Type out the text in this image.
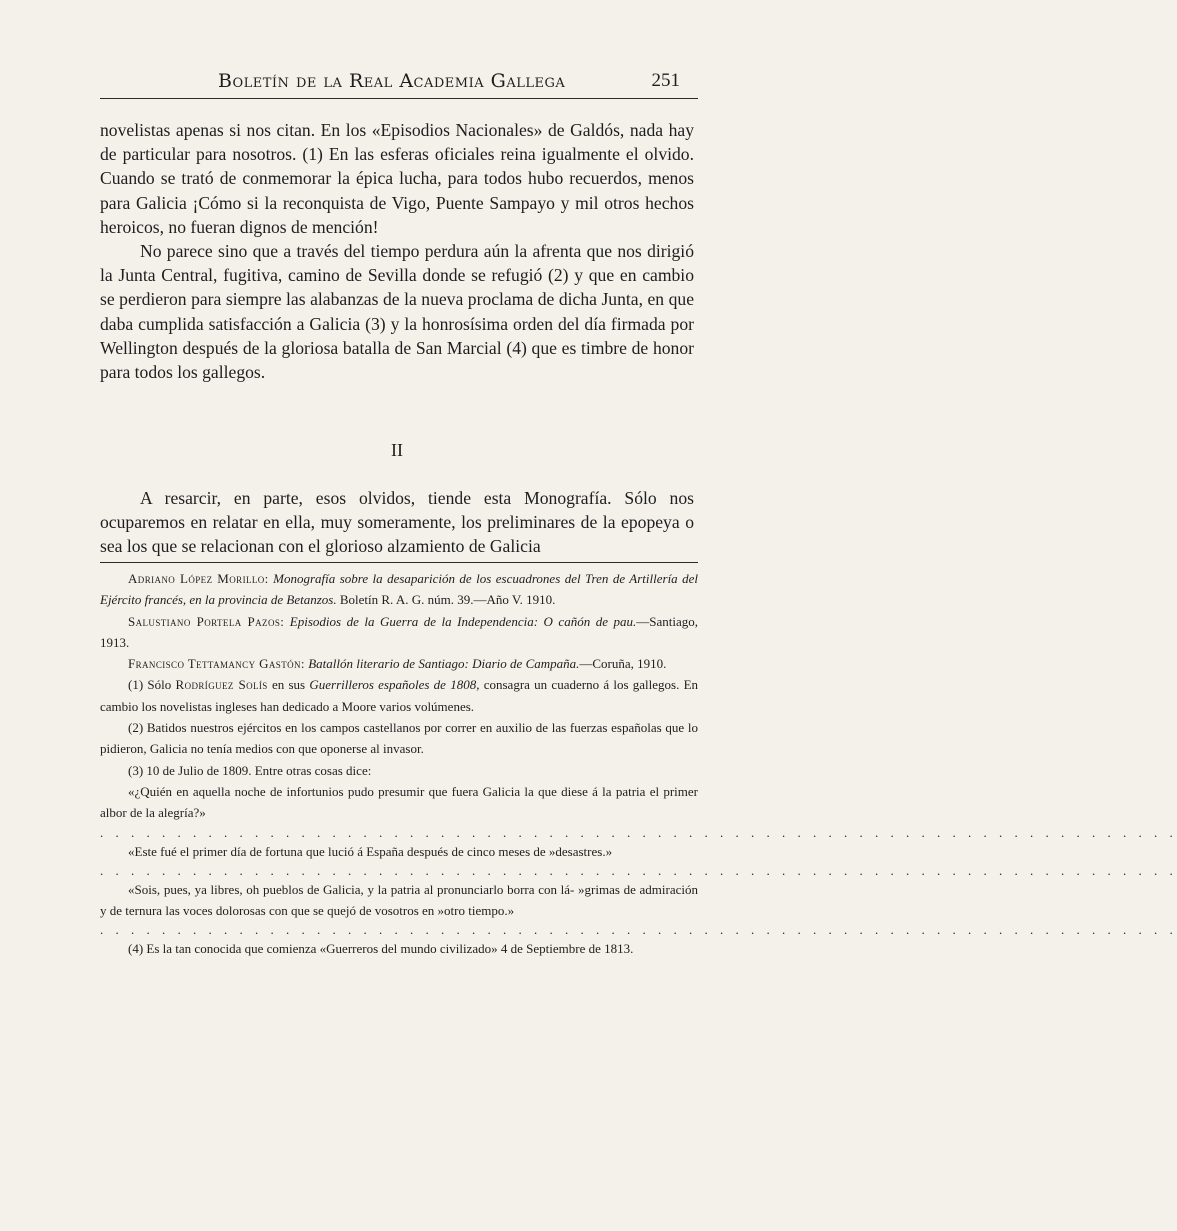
Boletín de la Real Academia Gallega	251

novelistas apenas si nos citan. En los «Episodios Nacionales» de Galdós, nada hay de particular para nosotros. (1) En las esferas oficiales reina igualmente el olvido. Cuando se trató de conmemorar la épica lucha, para todos hubo recuerdos, menos para Galicia ¡Cómo si la reconquista de Vigo, Puente Sampayo y mil otros hechos heroicos, no fueran dignos de mención!

No parece sino que a través del tiempo perdura aún la afrenta que nos dirigió la Junta Central, fugitiva, camino de Sevilla donde se refugió (2) y que en cambio se perdieron para siempre las alabanzas de la nueva proclama de dicha Junta, en que daba cumplida satisfacción a Galicia (3) y la honrosísima orden del día firmada por Wellington después de la gloriosa batalla de San Marcial (4) que es timbre de honor para todos los gallegos.

II

A resarcir, en parte, esos olvidos, tiende esta Monografía. Sólo nos ocuparemos en relatar en ella, muy someramente, los preliminares de la epopeya o sea los que se relacionan con el glorioso alzamiento de Galicia

Adriano López Morillo: Monografía sobre la desaparición de los escuadrones del Tren de Artillería del Ejército francés, en la provincia de Betanzos. Boletín R. A. G. núm. 39.—Año V. 1910.

Salustiano Portela Pazos: Episodios de la Guerra de la Independencia: O cañón de pau.—Santiago, 1913.

Francisco Tettamancy Gastón: Batallón literario de Santiago: Diario de Campaña.—Coruña, 1910.

(1) Sólo Rodríguez Solís en sus Guerrilleros españoles de 1808, consagra un cuaderno á los gallegos. En cambio los novelistas ingleses han dedicado a Moore varios volúmenes.

(2) Batidos nuestros ejércitos en los campos castellanos por correr en auxilio de las fuerzas españolas que lo pidieron, Galicia no tenía medios con que oponerse al invasor.

(3) 10 de Julio de 1809. Entre otras cosas dice:

«¿Quién en aquella noche de infortunios pudo presumir que fuera Galicia la que diese á la patria el primer albor de la alegría?»

. . . . . . . . . . . . . . . . . . . . . . . . . . . . . . . . . . . . . . . . . . . . . . . . . . . . . . . . . . . . . . . . . . . . . .

«Este fué el primer día de fortuna que lució á España después de cinco meses de »desastres.»

. . . . . . . . . . . . . . . . . . . . . . . . . . . . . . . . . . . . . . . . . . . . . . . . . . . . . . . . . . . . . . . . . . . . . .

«Sois, pues, ya libres, oh pueblos de Galicia, y la patria al pronunciarlo borra con lá- »grimas de admiración y de ternura las voces dolorosas con que se quejó de vosotros en »otro tiempo.»

. . . . . . . . . . . . . . . . . . . . . . . . . . . . . . . . . . . . . . . . . . . . . . . . . . . . . . . . . . . . . . . . . . . . . .

(4) Es la tan conocida que comienza «Guerreros del mundo civilizado» 4 de Septiembre de 1813.
